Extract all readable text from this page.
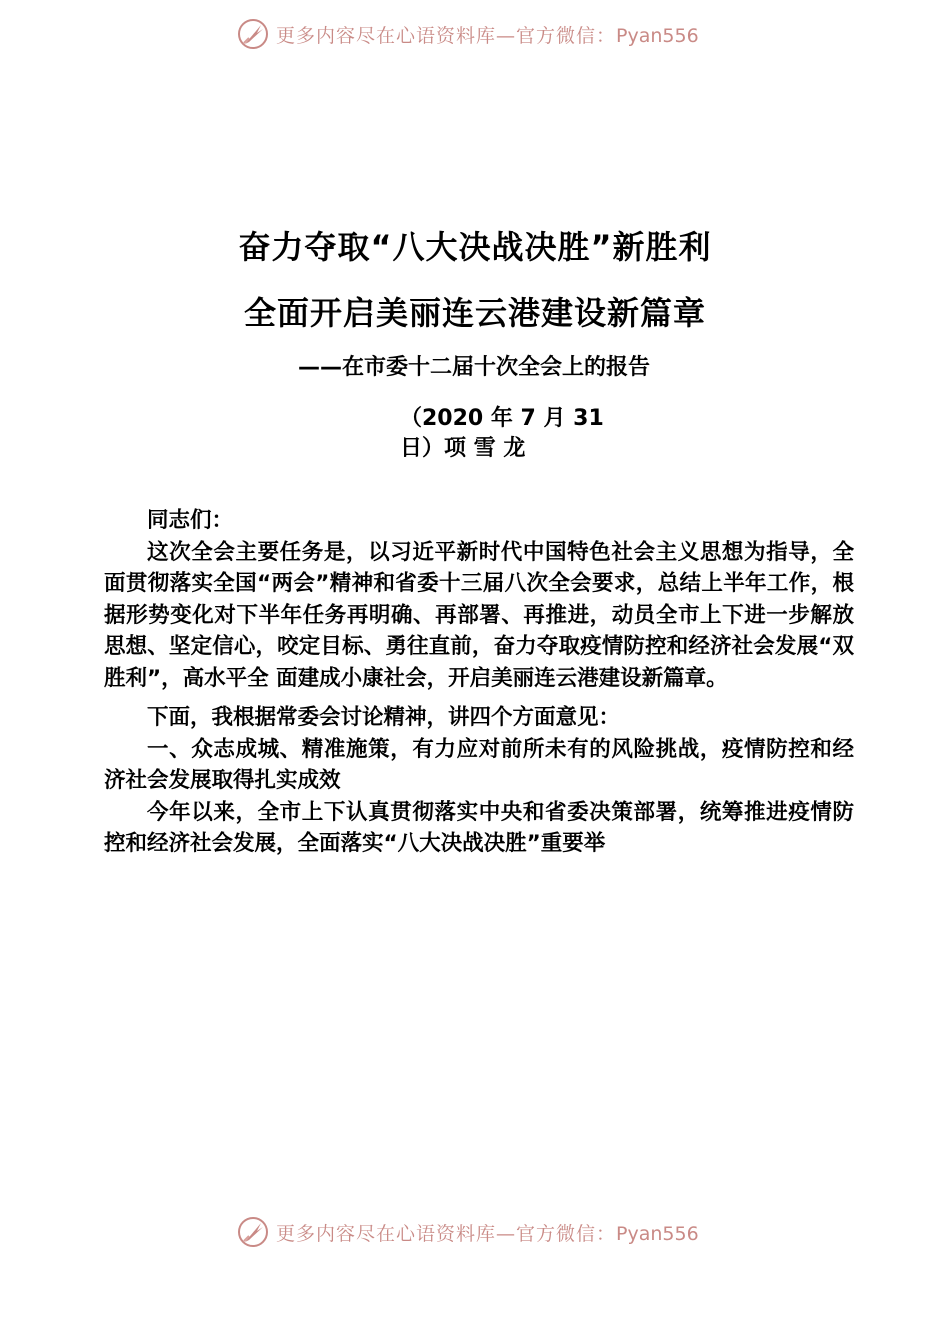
更多内容尽在心语资料库—官方微信：Pyan556
奋力夺取“八大决战决胜”新胜利
全面开启美丽连云港建设新篇章
——在市委十二届十次全会上的报告
（2020 年 7 月 31
日）项 雪 龙

同志们：

这次全会主要任务是，以习近平新时代中国特色社会主义思想为指导，全面贯彻落实全国“两会”精神和省委十三届八次全会要求，总结上半年工作，根据形势变化对下半年任务再明确、再部署、再推进，动员全市上下进一步解放思想、坚定信心，咬定目标、勇往直前，奋力夺取疫情防控和经济社会发展“双胜利”，高水平全 面建成小康社会，开启美丽连云港建设新篇章。

下面，我根据常委会讨论精神，讲四个方面意见：

一、众志成城、精准施策，有力应对前所未有的风险挑战，疫情防控和经济社会发展取得扎实成效

今年以来，全市上下认真贯彻落实中央和省委决策部署，统筹推进疫情防控和经济社会发展，全面落实“八大决战决胜”重要举

更多内容尽在心语资料库—官方微信：Pyan556
